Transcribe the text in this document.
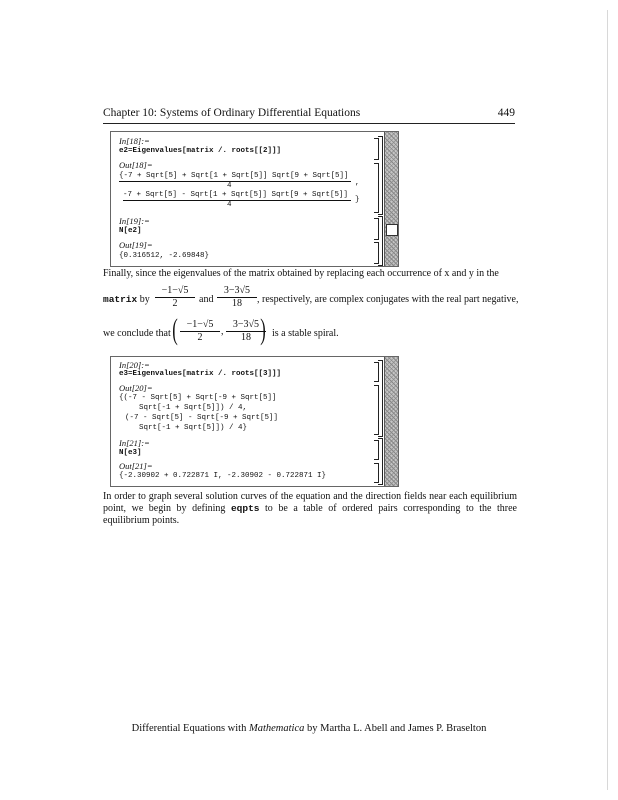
Chapter 10: Systems of Ordinary Differential Equations	449
In[18]:=
e2=Eigenvalues[matrix /. roots[[2]]]
Out[18]=
{-7 + Sqrt[5] + Sqrt[1 + Sqrt[5]] Sqrt[9 + Sqrt[5]]
4	,
-7 + Sqrt[5] - Sqrt[1 + Sqrt[5]] Sqrt[9 + Sqrt[5]]
4
}
In[19]:=
N[e2]
Out[19]=
{0.316512, -2.69848}
Finally, since the eigenvalues of the matrix obtained by replacing each occurrence of x and y in the
matrix by $\frac{-1-√5}{2}$ and $\frac{3-3√5}{18}$ , respectively, are complex conjugates with the real part negative,
we conclude that ( $\frac{-1-√5}{2}$ , $\frac{3-3√5}{18}$
) is a stable spiral.
In[20]:=
e3=Eigenvalues[matrix /. roots[[3]]]
Out[20]=
{(-7 - Sqrt[5] + Sqrt[-9 + Sqrt[5]]
Sqrt[-1 + Sqrt[5]]) / 4,
(-7 - Sqrt[5] - Sqrt[-9 + Sqrt[5]]
Sqrt[-1 + Sqrt[5]]) / 4}
In[21]:=
N[e3]
Out[21]=
{-2.30902 + 0.722871 I, -2.30902 - 0.722871 I}
In order to graph several solution curves of the equation and the direction fields near each equilibrium point, we begin by defining eqpts to be a table of ordered pairs corresponding to the three equilibrium points.
Differential Equations with Mathematica by Martha L. Abell and James P. Braselton
